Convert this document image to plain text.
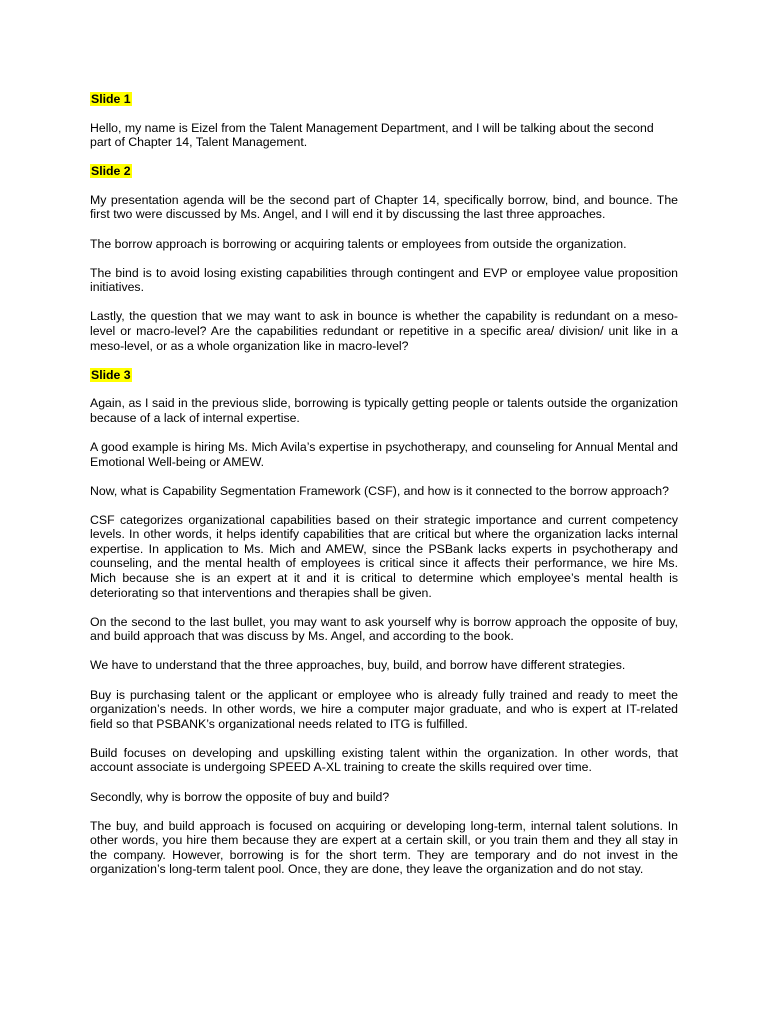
Slide 1

Hello, my name is Eizel from the Talent Management Department, and I will be talking about the second part of Chapter 14, Talent Management.

Slide 2

My presentation agenda will be the second part of Chapter 14, specifically borrow, bind, and bounce. The first two were discussed by Ms. Angel, and I will end it by discussing the last three approaches.

The borrow approach is borrowing or acquiring talents or employees from outside the organization.

The bind is to avoid losing existing capabilities through contingent and EVP or employee value proposition initiatives.

Lastly, the question that we may want to ask in bounce is whether the capability is redundant on a meso-level or macro-level? Are the capabilities redundant or repetitive in a specific area/ division/ unit like in a meso-level, or as a whole organization like in macro-level?

Slide 3

Again, as I said in the previous slide, borrowing is typically getting people or talents outside the organization because of a lack of internal expertise.

A good example is hiring Ms. Mich Avila’s expertise in psychotherapy, and counseling for Annual Mental and Emotional Well-being or AMEW.

Now, what is Capability Segmentation Framework (CSF), and how is it connected to the borrow approach?

CSF categorizes organizational capabilities based on their strategic importance and current competency levels. In other words, it helps identify capabilities that are critical but where the organization lacks internal expertise. In application to Ms. Mich and AMEW, since the PSBank lacks experts in psychotherapy and counseling, and the mental health of employees is critical since it affects their performance, we hire Ms. Mich because she is an expert at it and it is critical to determine which employee’s mental health is deteriorating so that interventions and therapies shall be given.

On the second to the last bullet, you may want to ask yourself why is borrow approach the opposite of buy, and build approach that was discuss by Ms. Angel, and according to the book.

We have to understand that the three approaches, buy, build, and borrow have different strategies.

Buy is purchasing talent or the applicant or employee who is already fully trained and ready to meet the organization’s needs. In other words, we hire a computer major graduate, and who is expert at IT-related field so that PSBANK’s organizational needs related to ITG is fulfilled.

Build focuses on developing and upskilling existing talent within the organization. In other words, that account associate is undergoing SPEED A-XL training to create the skills required over time.

Secondly, why is borrow the opposite of buy and build?

The buy, and build approach is focused on acquiring or developing long-term, internal talent solutions. In other words, you hire them because they are expert at a certain skill, or you train them and they all stay in the company. However, borrowing is for the short term. They are temporary and do not invest in the organization’s long-term talent pool. Once, they are done, they leave the organization and do not stay.
